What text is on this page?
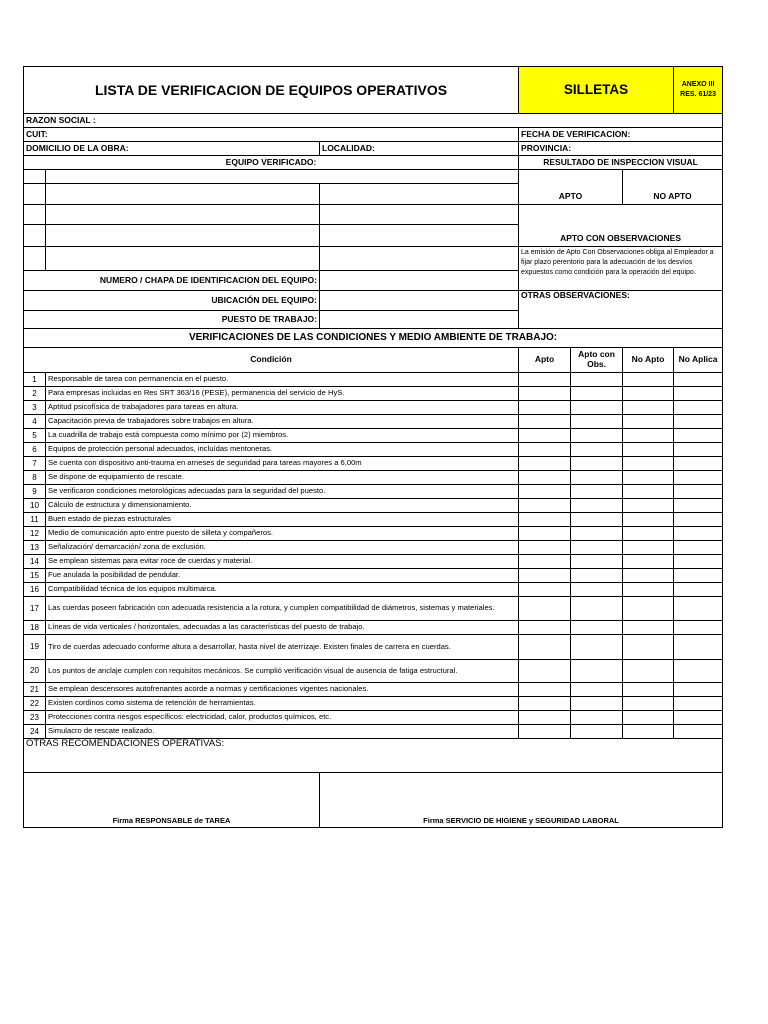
LISTA DE VERIFICACION DE EQUIPOS OPERATIVOS			SILLETAS			ANEXO III
RES. 61/23
RAZON SOCIAL :						
CUIT:			FECHA DE VERIFICACION:			
DOMICILIO DE LA OBRA:		LOCALIDAD:	PROVINCIA:			
EQUIPO VERIFICADO:			RESULTADO DE INSPECCION VISUAL			
			APTO		NO APTO	

			APTO CON OBSERVACIONES			

			La emisión de Apto Con Observaciones obliga al Empleador a fijar plazo perentorio para la adecuación de los desvíos expuestos como condición para la operación del equipo.			
NUMERO / CHAPA DE IDENTIFICACION DEL EQUIPO:						
UBICACIÓN DEL EQUIPO:			OTRAS OBSERVACIONES:			
PUESTO DE TRABAJO:						
VERIFICACIONES DE LAS CONDICIONES Y MEDIO AMBIENTE DE TRABAJO:						
Condición			Apto	Apto con Obs.	No Apto	No Aplica
1	Responsable de tarea con permanencia en el puesto.					
2	Para empresas incluidas en Res SRT 363/16 (PESE), permanencia del servicio de HyS.					
3	Aptitud psicofísica de trabajadores para tareas en altura.					
4	Capacitación previa de trabajadores sobre trabajos en altura.					
5	La cuadrilla de trabajo está compuesta como mínimo por (2) miembros.					
6	Equipos de protección personal adecuados, incluídas mentoneras.					
7	Se cuenta con dispositivo anti-trauma en arneses de seguridad para tareas mayores a 6,00m					
8	Se dispone de equipamiento de rescate.					
9	Se verificaron condiciones metorológicas adecuadas para la seguridad del puesto.					
10	Cálculo de estructura y dimensionamiento.					
11	Buen estado de piezas estructurales					
12	Medio de comunicación apto entre puesto de silleta y compañeros.					
13	Señalización/ demarcación/ zona de exclusión.					
14	Se emplean sistemas para evitar roce de cuerdas y material.					
15	Fue anulada la posibilidad de pendular.					
16	Compatibilidad técnica de los equipos multimarca.					
17	Las cuerdas poseen fabricación con adecuada resistencia a la rotura, y cumplen compatibilidad de diámetros, sistemas y materiales.					
18	Líneas de vida verticales / horizontales, adecuadas a las características del puesto de trabajo.					
19	Tiro de cuerdas adecuado conforme altura a desarrollar, hasta nivel de aterrizaje. Existen finales de carrera en cuerdas.					
20	Los puntos de anclaje cumplen con requisitos mecánicos. Se cumplió verificación visual de ausencia de fatiga estructural.					
21	Se emplean descensores autofrenantes acorde a normas y certificaciones vigentes nacionales.					
22	Existen cordinos como sistema de retención de herramientas.					
23	Protecciones contra riesgos específicos: electricidad, calor, productos químicos, etc.					
24	Simulacro de rescate realizado.					
OTRAS RECOMENDACIONES OPERATIVAS:						
Firma RESPONSABLE de TAREA		Firma SERVICIO DE HIGIENE y SEGURIDAD LABORAL				
